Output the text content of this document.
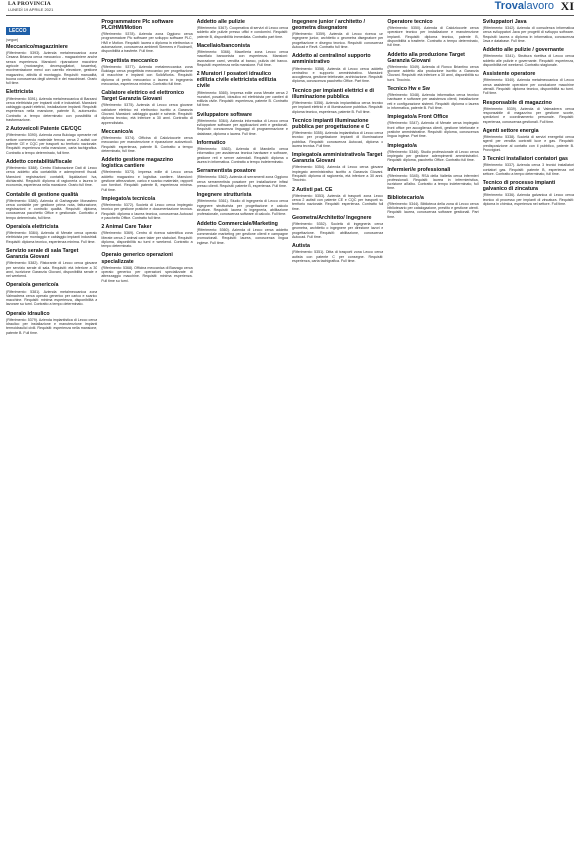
LA PROVINCIA
LUNEDÌ 19 APRILE 2021	Trovalavoro XI
LECCO
(segue)
Meccanico/magazziniere

(Riferimento: 5393). Azienda metalmeccanica zona Cesana Brianza cerca meccanico - magazziniere anche senza esperienza. Mansioni: riparazione macchine agricole (motoseghe, decespugliatori, tosaerba), movimentazione merci con carrello elevatore, gestione magazzino, attività di montaggio. Requisiti: manualità, buona conoscenza degli utensili e dei macchinari. Orario full time.

Elettricista

(Riferimento: 5391). Azienda metalmeccanica di Barzanò cerca elettricista per impianti civili e industriali. Mansioni: cablaggio quadri elettrici, installazione impianti. Requisiti: esperienza nella mansione, patente B, automunito. Contratto a tempo determinato con possibilità di trasformazione.

2 Autoveicoli Patente CE/CQC

(Riferimento: 5390). Azienda zona Bulciago operante nel settore commercio materiale ferroso cerca 2 autisti con patente CE e CQC per trasporti su territorio nazionale. Requisiti: esperienza nella mansione, carta tachigrafica. Contratto a tempo determinato, full time.

Addetto contabilità/fiscale

(Riferimento: 5388). Centro Elaborazione Dati di Lecco cerca addetto alla contabilità e adempimenti fiscali. Mansioni: registrazioni contabili, liquidazioni Iva, dichiarativi. Requisiti: diploma di ragioneria o laurea in economia, esperienza nella mansione. Orario full time.

Contabile di gestione qualità

(Riferimento: 5386). Azienda di Garbagnate Monastero cerca contabile per gestione prima nota, fatturazione, registrazioni e controllo qualità. Requisiti: diploma, conoscenza pacchetto Office e gestionale. Contratto a tempo determinato, full time.

Operaio/a elettricista

(Riferimento: 5384). Azienda di Merate cerca operaio elettricista per montaggio e cablaggio impianti industriali. Requisiti: diploma tecnico, esperienza minima. Full time.

Servizio serale di sala Target Garanzia Giovani

(Riferimento: 5382). Ristorante di Lecco cerca giovane per servizio serale di sala. Requisiti: età inferiore a 30 anni, iscrizione Garanzia Giovani, disponibilità serale e nel weekend.

Operaio/a generico/a

(Riferimento: 5381). Azienda metalmeccanica zona Valmadrera cerca operaio generico per carico e scarico macchine. Requisiti: minima esperienza, disponibilità a lavorare su turni. Contratto a tempo determinato.

Operaio idraulico

(Riferimento: 5379). Azienda impiantistica di Lecco cerca idraulico per installazione e manutenzione impianti termoidraulici civili. Requisiti: esperienza nella mansione, patente B. Full time.

Programmatore Plc software PLC/HMI/Motion

(Riferimento: 5378). Azienda zona Oggiono cerca programmatore Plc software per sviluppo software PLC, HMI e Motion. Requisiti: laurea o diploma in elettronica o automazione, conoscenza ambienti Siemens e Rockwell, disponibilità a trasferte. Full time.

Progettista meccanico

(Riferimento: 5377). Azienda metalmeccanica zona Bulciago cerca progettista meccanico per progettazione di macchine e impianti con SolidWorks. Requisiti: diploma di perito meccanico o laurea in ingegneria meccanica, esperienza minima. Contratto full time.

Cablatore elettrico ed elettronico Target Garanzia Giovani

(Riferimento: 5375). Azienda di Lecco cerca giovane cablatore elettrico ed elettronico iscritto a Garanzia Giovani. Mansioni: cablaggio quadri e schede. Requisiti: diploma tecnico, età inferiore a 30 anni. Contratto di apprendistato.

Meccanico/a

(Riferimento: 5374). Officina di Calolziocorte cerca meccanico per manutenzione e riparazione autoveicoli. Requisiti: esperienza, patente B. Contratto a tempo determinato, full time.

Addetto gestione magazzino logistica cantiere

(Riferimento: 5373). Impresa edile di Lecco cerca addetto magazzino e logistica cantiere. Mansioni: gestione attrezzature, carico e scarico materiale, rapporti con fornitori. Requisiti: patente B, esperienza minima. Full time.

Impiegato/a tecnico/a

(Riferimento: 5372). Società di Lecco cerca impiegato tecnico per gestione pratiche e documentazione tecnica. Requisiti: diploma o laurea tecnica, conoscenza Autocad e pacchetto Office. Contratto full time.

2 Animal Care Taker

(Riferimento: 5369). Centro di ricerca scientifica zona Merate cerca 2 animal care taker per stabulari. Requisiti: diploma, disponibilità su turni e weekend. Contratto a tempo determinato.

Operaio generico operazioni specializzate

(Riferimento: 5368). Officina meccanica di Barzago cerca operaio generico per operazioni specializzate di attrezzaggio macchine. Requisiti: minima esperienza. Full time su turni.

Addetto alle pulizie

(Riferimento: 5367). Cooperativa di servizi di Lecco cerca addetto alle pulizie presso uffici e condomini. Requisiti: patente B, disponibilità immediata. Contratto part time.

Macellaio/banconista

(Riferimento: 5366). Macelleria zona Lecco cerca macellaio banconista con esperienza. Mansioni: lavorazione carni, vendita al banco, pulizia del banco. Requisiti: esperienza nella mansione. Full time.

2 Muratori / posatori idraulico edilizia civile elettricista edilizia civile

(Riferimento: 5365). Impresa edile zona Merate cerca 2 muratori, posatori, idraulico ed elettricista per cantieri di edilizia civile. Requisiti: esperienza, patente B. Contratto full time.

Sviluppatore software

(Riferimento: 5364). Azienda informatica di Lecco cerca sviluppatore software per applicazioni web e gestionali. Requisiti: conoscenza linguaggi di programmazione e database, diploma o laurea. Full time.

Informatico

(Riferimento: 5363). Azienda di Mandello cerca informatico per assistenza tecnica hardware e software, gestione reti e server aziendali. Requisiti: diploma o laurea in informatica. Contratto a tempo indeterminato.

Serramentista posatore

(Riferimento: 5362). Azienda di serramenti zona Oggiono cerca serramentista posatore per installazione infissi presso clienti. Requisiti: patente B, esperienza. Full time.

Ingegnere strutturista

(Riferimento: 5361). Studio di ingegneria di Lecco cerca ingegnere strutturista per progettazione e calcolo strutture. Requisiti: laurea in ingegneria, abilitazione professionale, conoscenza software di calcolo. Full time.

Addetto Commerciale/Marketing

(Riferimento: 5360). Azienda di Lecco cerca addetto commerciale marketing per gestione clienti e campagne promozionali. Requisiti: laurea, conoscenza lingua inglese. Full time.

Ingegnere junior / architetto / geometra disegnatore

(Riferimento: 5359). Azienda di Lecco ricerca un ingegnere junior, architetto o geometra disegnatore per progettazione e disegno tecnico. Requisiti: conoscenza Autocad e Revit. Contratto full time.

Addetto al centralino/ supporto amministrativo

(Riferimento: 5358). Azienda di Lecco cerca addetto centralino e supporto amministrativo. Mansioni: accoglienza, gestione telefonate, archiviazione. Requisiti: diploma, conoscenza pacchetto Office. Part time.

Tecnico per impianti elettrici e di illuminazione pubblica

(Riferimento: 5356). Azienda impiantistica cerca tecnico per impianti elettrici e di illuminazione pubblica. Requisiti: diploma tecnico, esperienza, patente B. Full time.

Tecnico impianti illuminazione pubblica per progettazione e C

(Riferimento: 5355). Azienda impiantistica di Lecco cerca tecnico per progettazione impianti di illuminazione pubblica. Requisiti: conoscenza Autocad, diploma o laurea tecnica. Full time.

Impiegato/a amministrativo/a Target Garanzia Giovani

(Riferimento: 5354). Azienda di Lecco cerca giovane impiegato amministrativo iscritto a Garanzia Giovani. Requisiti: diploma di ragioneria, età inferiore a 30 anni. Tirocinio.

2 Autisti pat. CE

(Riferimento: 5353). Azienda di trasporti zona Lecco cerca 2 autisti con patente CE e CQC per trasporti su territorio nazionale. Requisiti: esperienza. Contratto full time.

Geometra/Architetto/ Ingegnere

(Riferimento: 5352). Società di ingegneria cerca geometra, architetto o ingegnere per direzione lavori e progettazione. Requisiti: abilitazione, conoscenza Autocad. Full time.

Autista

(Riferimento: 5351). Ditta di trasporti zona Lecco cerca autista con patente C per consegne. Requisiti: esperienza, carta tachigrafica. Full time.

Operatore tecnico

(Riferimento: 5350). Azienda di Calolziocorte cerca operatore tecnico per installazione e manutenzione impianti. Requisiti: diploma tecnico, patente B, disponibilità a trasferte. Contratto a tempo determinato, full time.

Addetto alla produzione Target Garanzia Giovani

(Riferimento: 5349). Azienda di Ronco Briantino cerca giovane addetto alla produzione iscritto a Garanzia Giovani. Requisiti: età inferiore a 30 anni, disponibilità su turni. Tirocinio.

Tecnico Hw e Sw

(Riferimento: 5348). Azienda informatica cerca tecnico hardware e software per assistenza clienti, installazione reti e configurazione sistemi. Requisiti: diploma o laurea in informatica, patente B. Full time.

Impiegato/a Front Office

(Riferimento: 5347). Azienda di Merate cerca impiegato front office per accoglienza clienti, gestione telefonate e pratiche amministrative. Requisiti: diploma, conoscenza lingua inglese. Part time.

Impiegato/a

(Riferimento: 5346). Studio professionale di Lecco cerca impiegato per gestione adempimenti amministrativi. Requisiti: diploma, pacchetto Office. Contratto full time.

Infermieri/e professionali

(Riferimento: 5345). RSA della Valletta cerca infermieri professionali. Requisiti: laurea in infermieristica, iscrizione all'albo. Contratto a tempo indeterminato, full time.

Bibliotecario/a

(Riferimento: 5344). Biblioteca della zona di Lecco cerca bibliotecario per catalogazione, prestito e gestione utenti. Requisiti: laurea, conoscenza software gestionali. Part time.

Sviluppatori Java

(Riferimento: 5342). Azienda di consulenza informatica cerca sviluppatori Java per progetti di sviluppo software. Requisiti: laurea o diploma in informatica, conoscenza Java e database. Full time.

Addetto alle pulizie / governante

(Riferimento: 5341). Struttura ricettiva di Lecco cerca addetto alle pulizie e governante. Requisiti: esperienza, disponibilità nel weekend. Contratto stagionale.

Assistente operatore

(Riferimento: 5340). Azienda metalmeccanica di Lecco cerca assistente operatore per conduzione macchine utensili. Requisiti: diploma tecnico, disponibilità su turni. Full time.

Responsabile di magazzino

(Riferimento: 5339). Azienda di Valmadrera cerca responsabile di magazzino per gestione scorte, spedizioni e coordinamento personale. Requisiti: esperienza, conoscenza gestionali. Full time.

Agenti settore energia

(Riferimento: 5338). Società di servizi energetici cerca agenti per vendita contratti luce e gas. Requisiti: predisposizione al contatto con il pubblico, patente B. Provvigioni.

3 Tecnici installatori contatori gas

(Riferimento: 5337). Azienda cerca 3 tecnici installatori contatori gas. Requisiti: patente B, esperienza nel settore. Contratto a tempo determinato, full time.

Tecnico di processo impianti galvanico di zincatura

(Riferimento: 5336). Azienda galvanica di Lecco cerca tecnico di processo per impianti di zincatura. Requisiti: diploma in chimica, esperienza nel settore. Full time.
